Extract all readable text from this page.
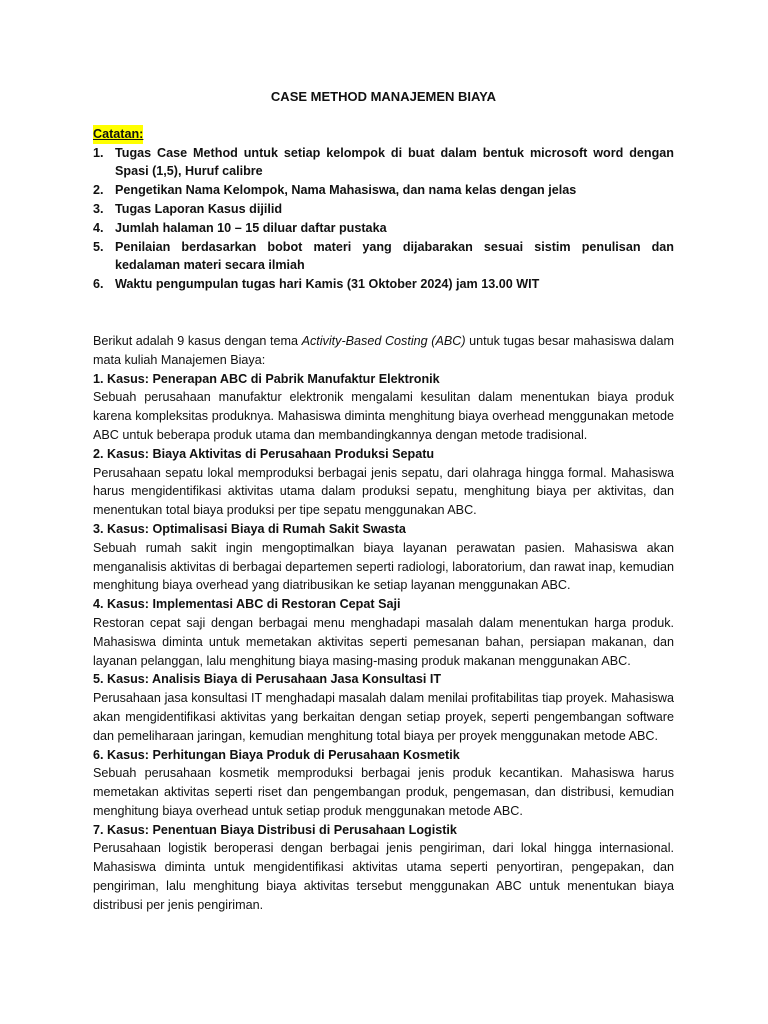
CASE METHOD MANAJEMEN BIAYA

Catatan:

1. Tugas Case Method untuk setiap kelompok di buat dalam bentuk microsoft word dengan Spasi (1,5), Huruf calibre
2. Pengetikan Nama Kelompok, Nama Mahasiswa, dan nama kelas dengan jelas
3. Tugas Laporan Kasus dijilid
4. Jumlah halaman 10 – 15 diluar daftar pustaka
5. Penilaian berdasarkan bobot materi yang dijabarakan sesuai sistim penulisan dan kedalaman materi secara ilmiah
6. Waktu pengumpulan tugas hari Kamis (31 Oktober 2024) jam 13.00 WIT

Berikut adalah 9 kasus dengan tema Activity-Based Costing (ABC) untuk tugas besar mahasiswa dalam mata kuliah Manajemen Biaya:

1. Kasus: Penerapan ABC di Pabrik Manufaktur Elektronik

Sebuah perusahaan manufaktur elektronik mengalami kesulitan dalam menentukan biaya produk karena kompleksitas produknya. Mahasiswa diminta menghitung biaya overhead menggunakan metode ABC untuk beberapa produk utama dan membandingkannya dengan metode tradisional.

2. Kasus: Biaya Aktivitas di Perusahaan Produksi Sepatu

Perusahaan sepatu lokal memproduksi berbagai jenis sepatu, dari olahraga hingga formal. Mahasiswa harus mengidentifikasi aktivitas utama dalam produksi sepatu, menghitung biaya per aktivitas, dan menentukan total biaya produksi per tipe sepatu menggunakan ABC.

3. Kasus: Optimalisasi Biaya di Rumah Sakit Swasta

Sebuah rumah sakit ingin mengoptimalkan biaya layanan perawatan pasien. Mahasiswa akan menganalisis aktivitas di berbagai departemen seperti radiologi, laboratorium, dan rawat inap, kemudian menghitung biaya overhead yang diatribusikan ke setiap layanan menggunakan ABC.

4. Kasus: Implementasi ABC di Restoran Cepat Saji

Restoran cepat saji dengan berbagai menu menghadapi masalah dalam menentukan harga produk. Mahasiswa diminta untuk memetakan aktivitas seperti pemesanan bahan, persiapan makanan, dan layanan pelanggan, lalu menghitung biaya masing-masing produk makanan menggunakan ABC.

5. Kasus: Analisis Biaya di Perusahaan Jasa Konsultasi IT

Perusahaan jasa konsultasi IT menghadapi masalah dalam menilai profitabilitas tiap proyek. Mahasiswa akan mengidentifikasi aktivitas yang berkaitan dengan setiap proyek, seperti pengembangan software dan pemeliharaan jaringan, kemudian menghitung total biaya per proyek menggunakan metode ABC.

6. Kasus: Perhitungan Biaya Produk di Perusahaan Kosmetik

Sebuah perusahaan kosmetik memproduksi berbagai jenis produk kecantikan. Mahasiswa harus memetakan aktivitas seperti riset dan pengembangan produk, pengemasan, dan distribusi, kemudian menghitung biaya overhead untuk setiap produk menggunakan metode ABC.

7. Kasus: Penentuan Biaya Distribusi di Perusahaan Logistik

Perusahaan logistik beroperasi dengan berbagai jenis pengiriman, dari lokal hingga internasional. Mahasiswa diminta untuk mengidentifikasi aktivitas utama seperti penyortiran, pengepakan, dan pengiriman, lalu menghitung biaya aktivitas tersebut menggunakan ABC untuk menentukan biaya distribusi per jenis pengiriman.
